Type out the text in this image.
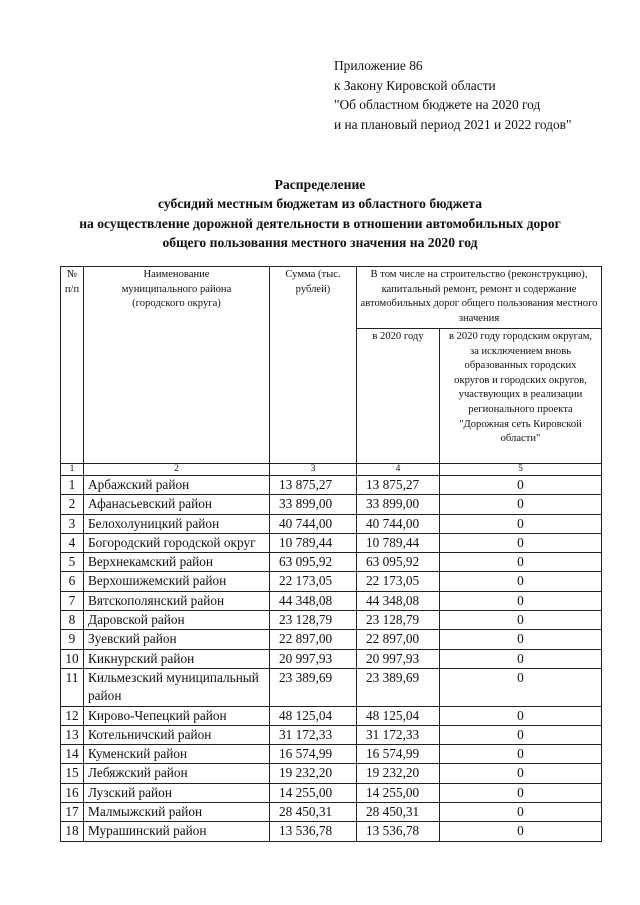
Приложение 86
к Закону Кировской области
"Об областном бюджете на 2020 год
и на плановый период 2021 и 2022 годов"
Распределение
субсидий местным бюджетам из областного бюджета
на осуществление дорожной деятельности в отношении автомобильных дорог
общего пользования местного значения на 2020 год
№ п/п	Наименование муниципального района (городского округа)	Сумма (тыс. рублей)	В том числе на строительство (реконструкцию), капитальный ремонт, ремонт и содержание автомобильных дорог общего пользования местного значения	
			в 2020 году	в 2020 году городским округам, за исключением вновь образованных городских округов и городских округов, участвующих в реализации регионального проекта "Дорожная сеть Кировской области"
1	2	3	4	5
1	Арбажский район	13 875,27	13 875,27	0
2	Афанасьевский район	33 899,00	33 899,00	0
3	Белохолуницкий район	40 744,00	40 744,00	0
4	Богородский городской округ	10 789,44	10 789,44	0
5	Верхнекамский район	63 095,92	63 095,92	0
6	Верхошижемский район	22 173,05	22 173,05	0
7	Вятскополянский район	44 348,08	44 348,08	0
8	Даровской район	23 128,79	23 128,79	0
9	Зуевский район	22 897,00	22 897,00	0
10	Кикнурский район	20 997,93	20 997,93	0
11	Кильмезский муниципальный район	23 389,69	23 389,69	0
12	Кирово-Чепецкий район	48 125,04	48 125,04	0
13	Котельничский район	31 172,33	31 172,33	0
14	Куменский район	16 574,99	16 574,99	0
15	Лебяжский район	19 232,20	19 232,20	0
16	Лузский район	14 255,00	14 255,00	0
17	Малмыжский район	28 450,31	28 450,31	0
18	Мурашинский район	13 536,78	13 536,78	0
